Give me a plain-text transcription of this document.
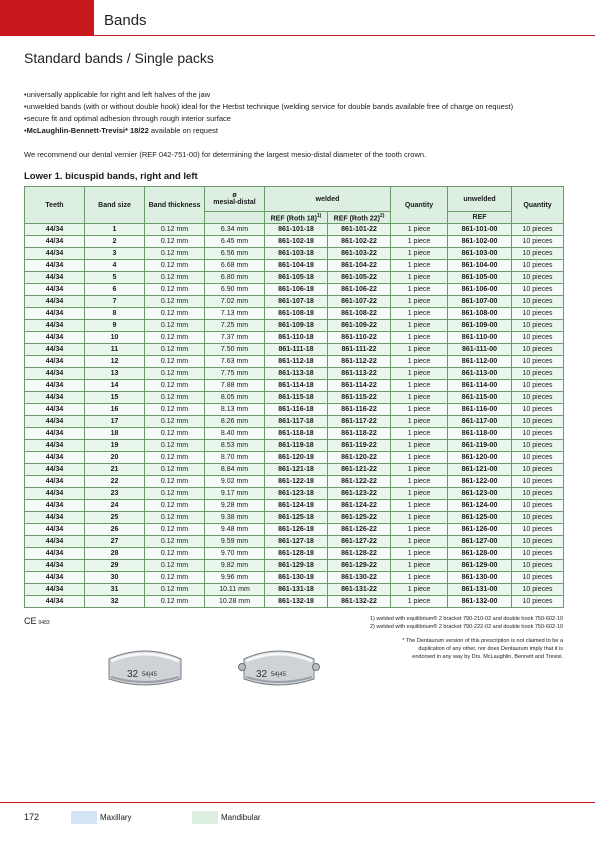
Bands
Standard bands / Single packs
• universally applicable for right and left halves of the jaw
• unwelded bands (with or without double hook) ideal for the Herbst technique (welding service for double bands available free of charge on request)
• secure fit and optimal adhesion through rough interior surface
• McLaughlin-Bennett-Trevisi* 18/22 available on request
We recommend our dental vernier (REF 042-751-00) for determining the largest mesio-distal diameter of the tooth crown.
Lower 1. bicuspid bands, right and left
Teeth	Band size	Band thickness	ø
mesial-distal	welded		Quantity	unwelded	Quantity
				REF (Roth 18)$^{1)}$	REF (Roth 22)$^{2)}$		REF	
44/34	1	0.12 mm	6.34 mm	861-101-18	861-101-22	1 piece	861-101-00	10 pieces
44/34	2	0.12 mm	6.45 mm	861-102-18	861-102-22	1 piece	861-102-00	10 pieces
44/34	3	0.12 mm	6.56 mm	861-103-18	861-103-22	1 piece	861-103-00	10 pieces
44/34	4	0.12 mm	6.68 mm	861-104-18	861-104-22	1 piece	861-104-00	10 pieces
44/34	5	0.12 mm	6.80 mm	861-105-18	861-105-22	1 piece	861-105-00	10 pieces
44/34	6	0.12 mm	6.90 mm	861-106-18	861-106-22	1 piece	861-106-00	10 pieces
44/34	7	0.12 mm	7.02 mm	861-107-18	861-107-22	1 piece	861-107-00	10 pieces
44/34	8	0.12 mm	7.13 mm	861-108-18	861-108-22	1 piece	861-108-00	10 pieces
44/34	9	0.12 mm	7.25 mm	861-109-18	861-109-22	1 piece	861-109-00	10 pieces
44/34	10	0.12 mm	7.37 mm	861-110-18	861-110-22	1 piece	861-110-00	10 pieces
44/34	11	0.12 mm	7.50 mm	861-111-18	861-111-22	1 piece	861-111-00	10 pieces
44/34	12	0.12 mm	7.63 mm	861-112-18	861-112-22	1 piece	861-112-00	10 pieces
44/34	13	0.12 mm	7.75 mm	861-113-18	861-113-22	1 piece	861-113-00	10 pieces
44/34	14	0.12 mm	7.88 mm	861-114-18	861-114-22	1 piece	861-114-00	10 pieces
44/34	15	0.12 mm	8.05 mm	861-115-18	861-115-22	1 piece	861-115-00	10 pieces
44/34	16	0.12 mm	8.13 mm	861-116-18	861-116-22	1 piece	861-116-00	10 pieces
44/34	17	0.12 mm	8.26 mm	861-117-18	861-117-22	1 piece	861-117-00	10 pieces
44/34	18	0.12 mm	8.40 mm	861-118-18	861-118-22	1 piece	861-118-00	10 pieces
44/34	19	0.12 mm	8.53 mm	861-119-18	861-119-22	1 piece	861-119-00	10 pieces
44/34	20	0.12 mm	8.70 mm	861-120-18	861-120-22	1 piece	861-120-00	10 pieces
44/34	21	0.12 mm	8.84 mm	861-121-18	861-121-22	1 piece	861-121-00	10 pieces
44/34	22	0.12 mm	9.02 mm	861-122-18	861-122-22	1 piece	861-122-00	10 pieces
44/34	23	0.12 mm	9.17 mm	861-123-18	861-123-22	1 piece	861-123-00	10 pieces
44/34	24	0.12 mm	9.28 mm	861-124-18	861-124-22	1 piece	861-124-00	10 pieces
44/34	25	0.12 mm	9.38 mm	861-125-18	861-125-22	1 piece	861-125-00	10 pieces
44/34	26	0.12 mm	9.48 mm	861-126-18	861-126-22	1 piece	861-126-00	10 pieces
44/34	27	0.12 mm	9.59 mm	861-127-18	861-127-22	1 piece	861-127-00	10 pieces
44/34	28	0.12 mm	9.70 mm	861-128-18	861-128-22	1 piece	861-128-00	10 pieces
44/34	29	0.12 mm	9.82 mm	861-129-18	861-129-22	1 piece	861-129-00	10 pieces
44/34	30	0.12 mm	9.96 mm	861-130-18	861-130-22	1 piece	861-130-00	10 pieces
44/34	31	0.12 mm	10.11 mm	861-131-18	861-131-22	1 piece	861-131-00	10 pieces
44/34	32	0.12 mm	10.28 mm	861-132-18	861-132-22	1 piece	861-132-00	10 pieces
CE 0483
1) welded with equilibrium® 2 bracket 790-210-02 and double hook 750-602-10
2) welded with equilibrium® 2 bracket 790-222-02 and double hook 750-602-10
* The Dentaurum version of this prescription is not claimed to be a duplication of any other, nor does Dentaurum imply that it is endorsed in any way by Drs. McLaughlin, Bennett and Trevisi.
32 54|45	32 54|45
172	Maxillary	Mandibular
